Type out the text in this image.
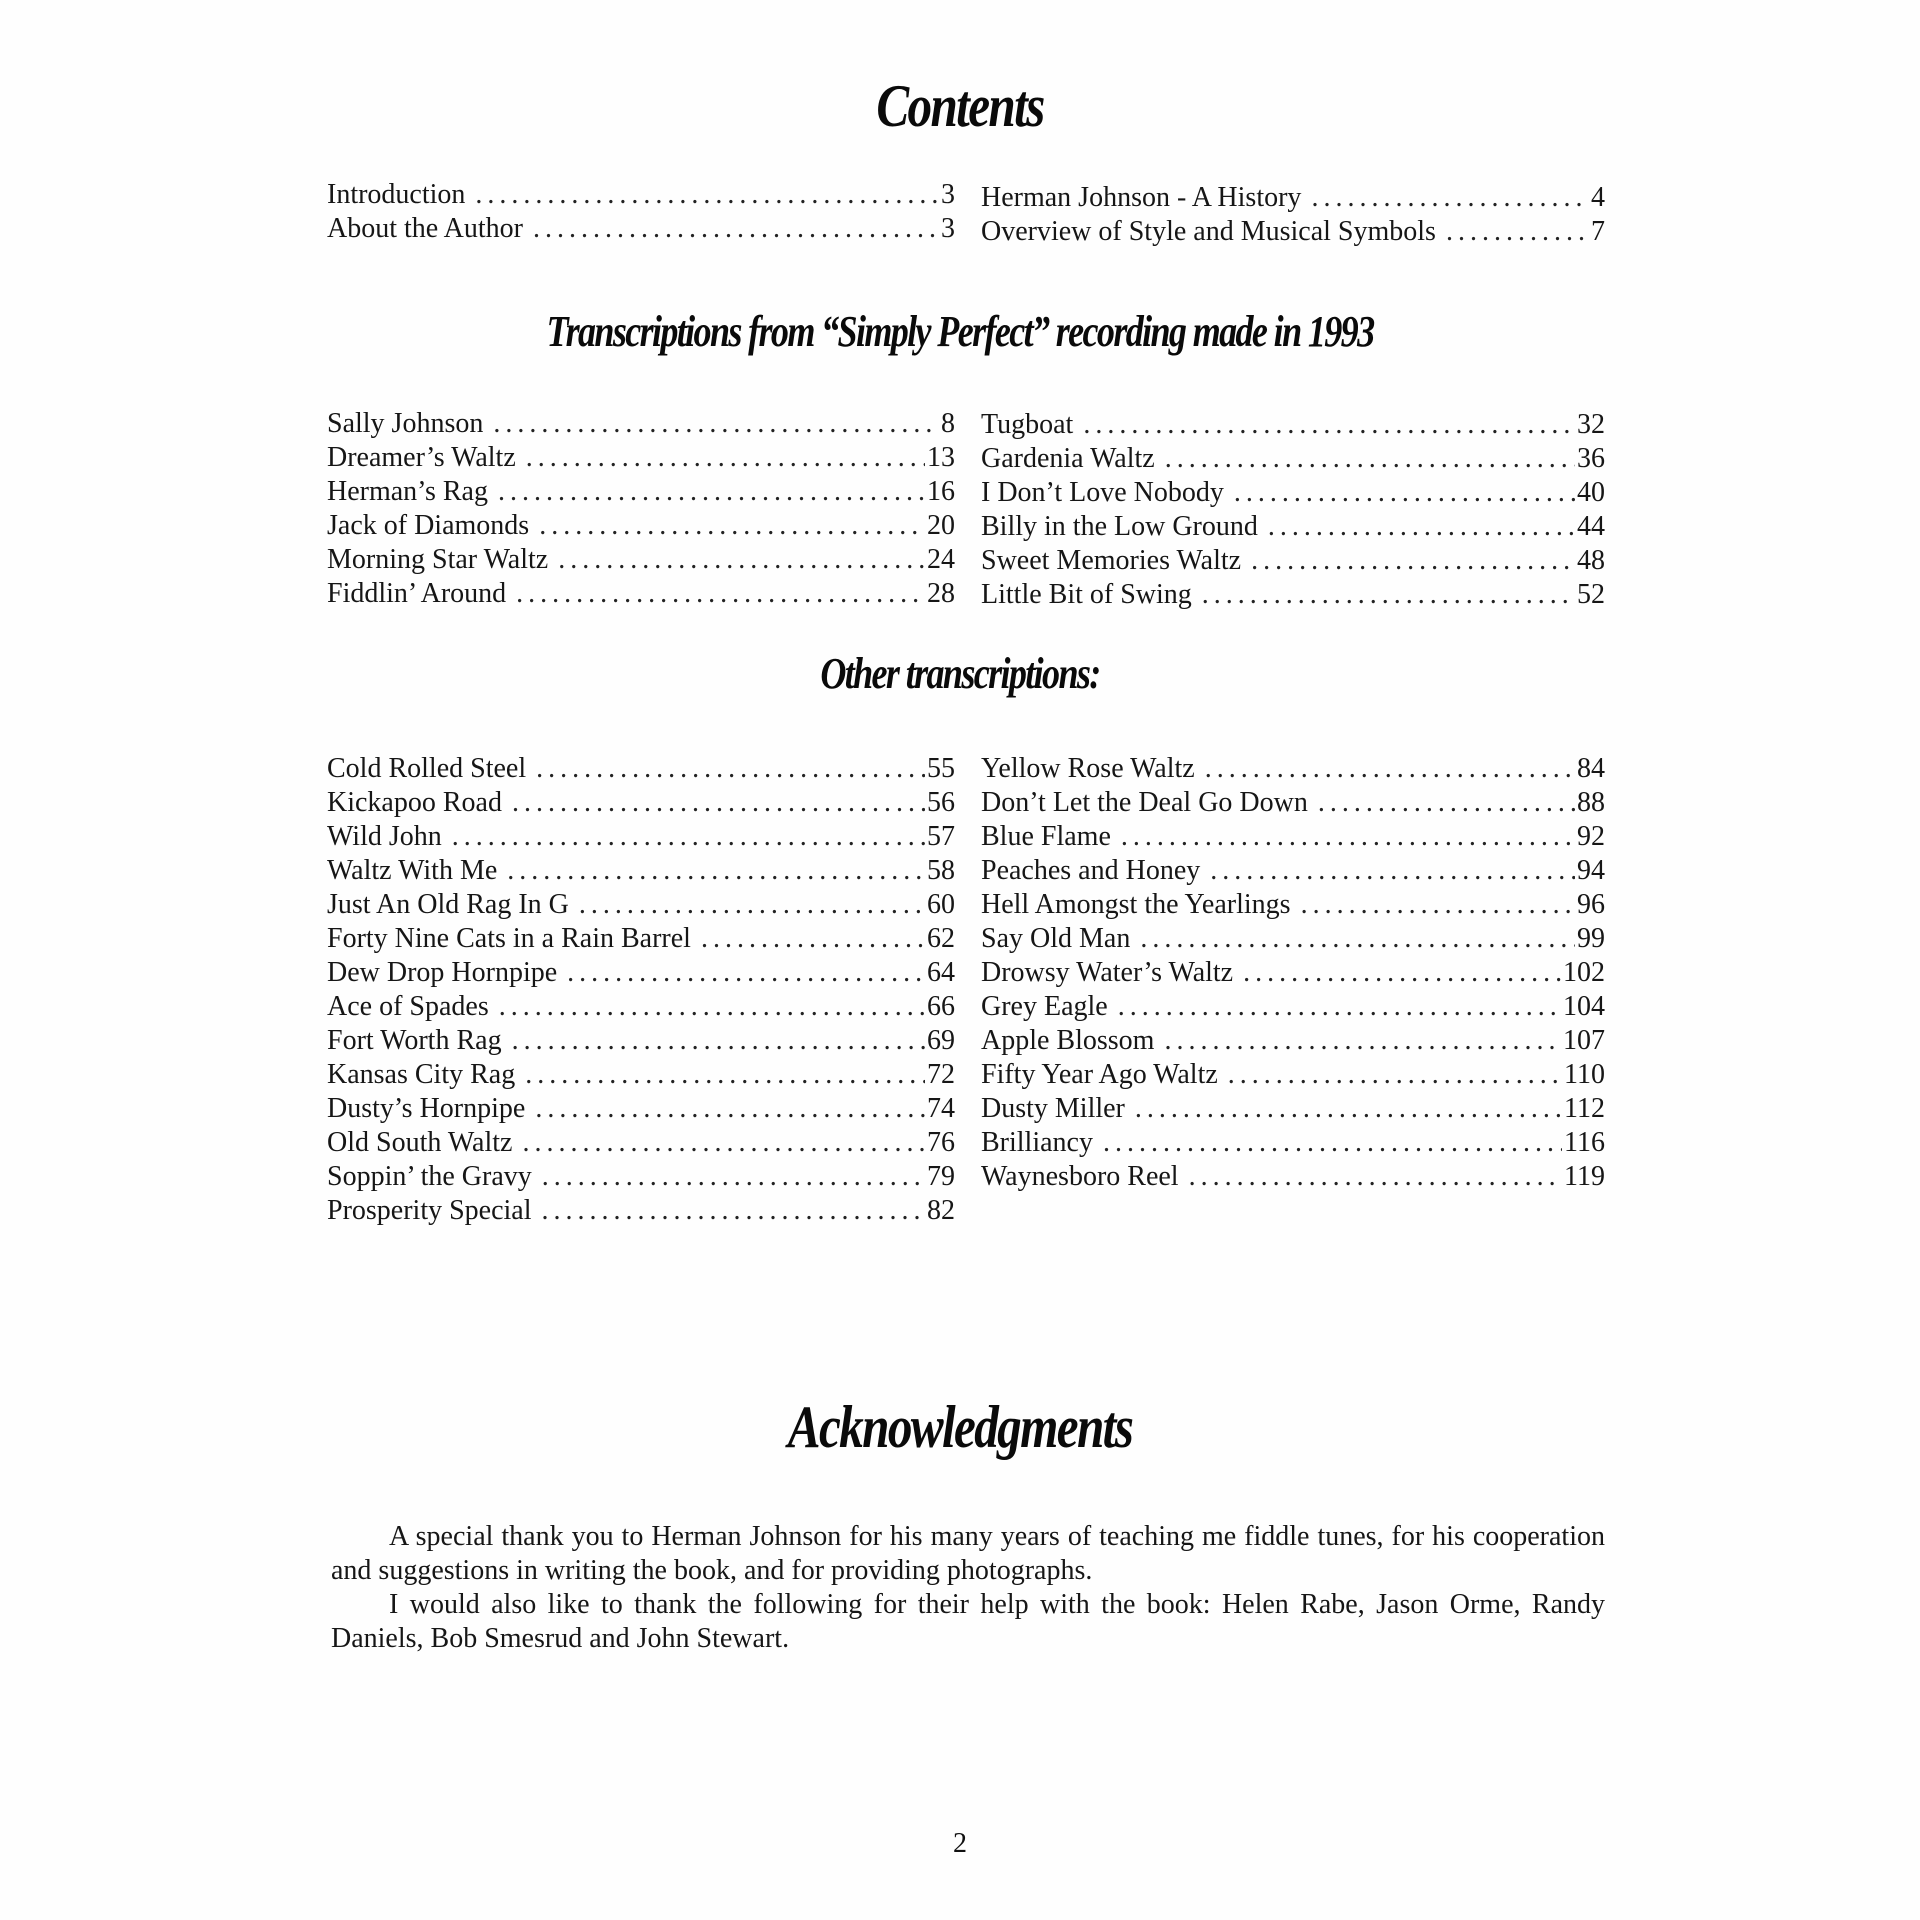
Contents
Introduction . . .	3
About the Author . . .	3
Herman Johnson - A History . . .	4
Overview of Style and Musical Symbols . . .	7
Transcriptions from “Simply Perfect” recording made in 1993
Sally Johnson . . .	8
Dreamer’s Waltz . . .	13
Herman’s Rag . . .	16
Jack of Diamonds . . .	20
Morning Star Waltz . . .	24
Fiddlin’ Around . . .	28
Tugboat . . .	32
Gardenia Waltz . . .	36
I Don’t Love Nobody . . .	40
Billy in the Low Ground . . .	44
Sweet Memories Waltz . . .	48
Little Bit of Swing . . .	52
Other transcriptions:
Cold Rolled Steel . . .	55
Kickapoo Road . . .	56
Wild John . . .	57
Waltz With Me . . .	58
Just An Old Rag In G . . .	60
Forty Nine Cats in a Rain Barrel . . .	62
Dew Drop Hornpipe . . .	64
Ace of Spades . . .	66
Fort Worth Rag . . .	69
Kansas City Rag . . .	72
Dusty’s Hornpipe . . .	74
Old South Waltz . . .	76
Soppin’ the Gravy . . .	79
Prosperity Special . . .	82
Yellow Rose Waltz . . .	84
Don’t Let the Deal Go Down . . .	88
Blue Flame . . .	92
Peaches and Honey . . .	94
Hell Amongst the Yearlings . . .	96
Say Old Man . . .	99
Drowsy Water’s Waltz . . .	102
Grey Eagle . . .	104
Apple Blossom . . .	107
Fifty Year Ago Waltz . . .	110
Dusty Miller . . .	112
Brilliancy . . .	116
Waynesboro Reel . . .	119
Acknowledgments

A special thank you to Herman Johnson for his many years of teaching me fiddle tunes, for his cooperation and suggestions in writing the book, and for providing photographs.

I would also like to thank the following for their help with the book: Helen Rabe, Jason Orme, Randy Daniels, Bob Smesrud and John Stewart.

2
